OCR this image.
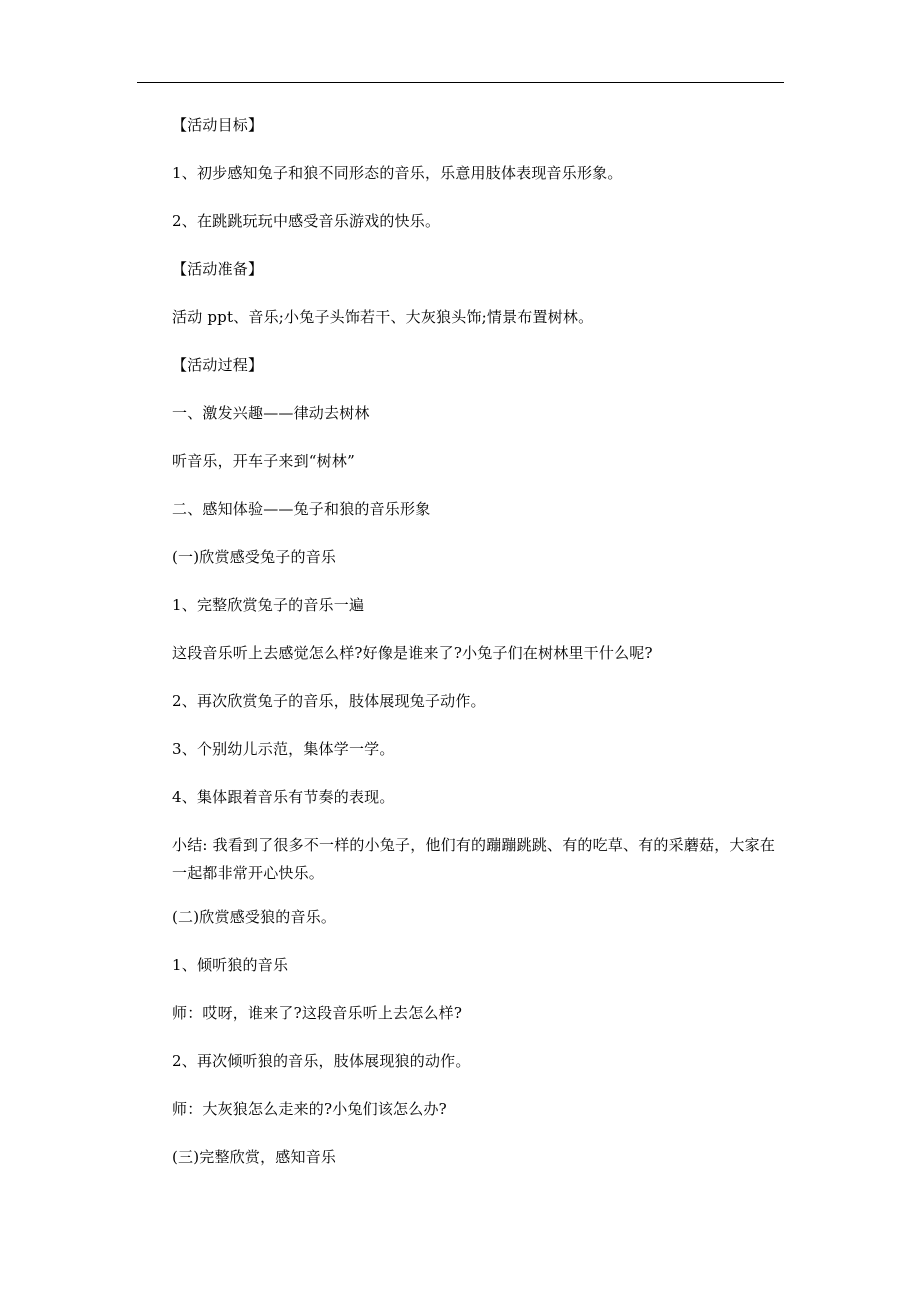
【活动目标】

1、初步感知兔子和狼不同形态的音乐，乐意用肢体表现音乐形象。

2、在跳跳玩玩中感受音乐游戏的快乐。

【活动准备】

活动 ppt、音乐;小兔子头饰若干、大灰狼头饰;情景布置树林。

【活动过程】

一、激发兴趣——律动去树林

听音乐，开车子来到“树林”

二、感知体验——兔子和狼的音乐形象

(一)欣赏感受兔子的音乐

1、完整欣赏兔子的音乐一遍

这段音乐听上去感觉怎么样?好像是谁来了?小兔子们在树林里干什么呢?

2、再次欣赏兔子的音乐，肢体展现兔子动作。

3、个别幼儿示范，集体学一学。

4、集体跟着音乐有节奏的表现。

小结: 我看到了很多不一样的小兔子，他们有的蹦蹦跳跳、有的吃草、有的采蘑菇，大家在一起都非常开心快乐。

(二)欣赏感受狼的音乐。

1、倾听狼的音乐

师：哎呀，谁来了?这段音乐听上去怎么样?

2、再次倾听狼的音乐，肢体展现狼的动作。

师：大灰狼怎么走来的?小兔们该怎么办?

(三)完整欣赏，感知音乐
